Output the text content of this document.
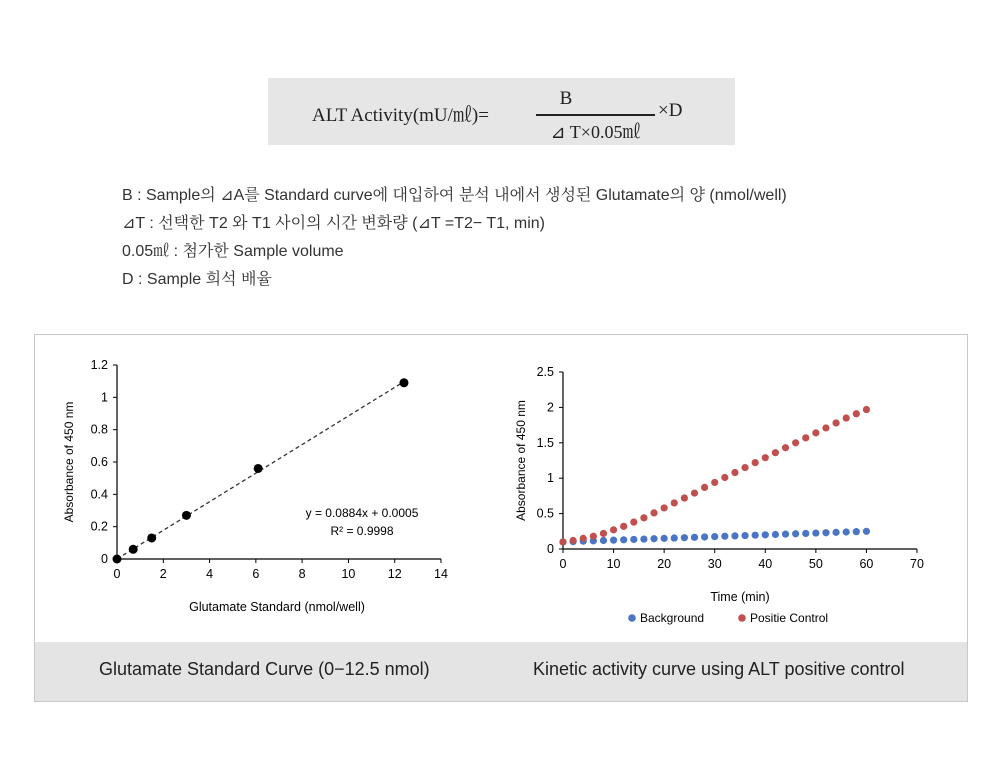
ALT Activity(mU/㎖)=
B
⊿ T×0.05㎖
×D
B : Sample의 ⊿A를 Standard curve에 대입하여 분석 내에서 생성된 Glutamate의 양 (nmol/well)
⊿T : 선택한 T2 와 T1 사이의 시간 변화량 (⊿T =T2− T1, min)
0.05㎖ : 첨가한 Sample volume
D : Sample 희석 배율
0	2	4	6	8	10	12	14
0
0.2
0.4
0.6
0.8
1
1.2
Glutamate Standard (nmol/well)
Absorbance of 450 nm	y = 0.0884x + 0.0005
R² = 0.9998
0	10	20	30	40	50	60	70
0
0.5
1
1.5
2
2.5
Time (min)
Absorbance of 450 nm
Background	Positie Control
Glutamate Standard Curve (0−12.5 nmol)	Kinetic activity curve using ALT positive control
